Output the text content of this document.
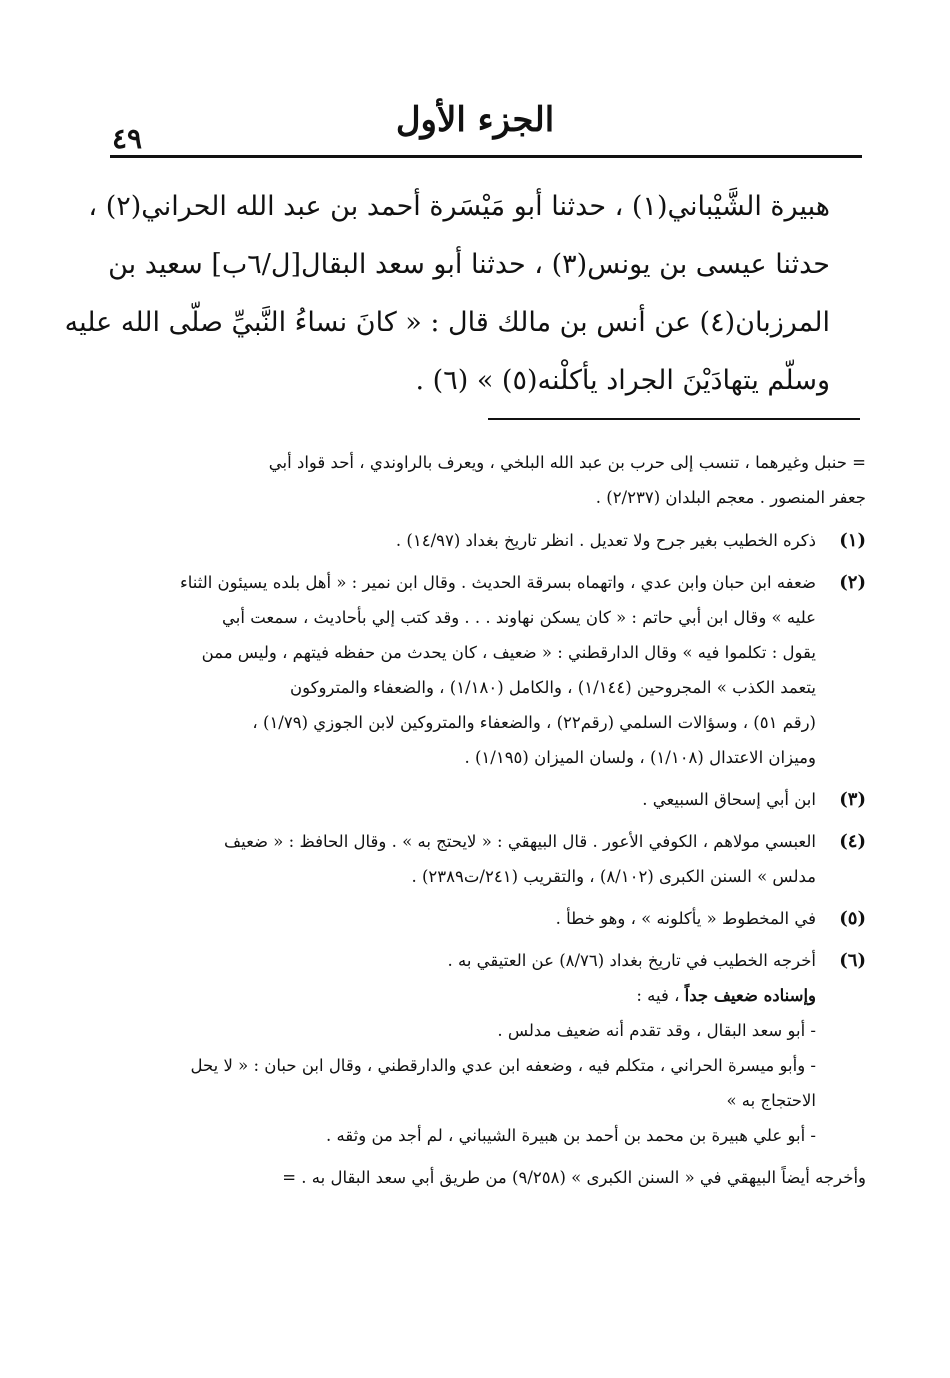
الجزء الأول
٤٩
هبيرة الشَّيْباني(١) ، حدثنا أبو مَيْسَرة أحمد بن عبد الله الحراني(٢) ،
حدثنا عيسى بن يونس(٣) ، حدثنا أبو سعد البقال[ل/٦ب] سعيد بن
المرزبان(٤) عن أنس بن مالك قال : « كانَ نساءُ النَّبيِّ صلّى الله عليه
وسلّم يتهادَيْنَ الجراد يأكلْنه(٥) » (٦) .
= حنبل وغيرهما ، تنسب إلى حرب بن عبد الله البلخي ، ويعرف بالراوندي ، أحد قواد أبي
جعفر المنصور . معجم البلدان (٢/٢٣٧) .
(١)
ذكره الخطيب بغير جرح ولا تعديل . انظر تاريخ بغداد (١٤/٩٧) .
(٢)
ضعفه ابن حبان وابن عدي ، واتهماه بسرقة الحديث . وقال ابن نمير : « أهل بلده يسيئون الثناء
عليه » وقال ابن أبي حاتم : « كان يسكن نهاوند . . . وقد كتب إلي بأحاديث ، سمعت أبي
يقول : تكلموا فيه » وقال الدارقطني : « ضعيف ، كان يحدث من حفظه فيتهم ، وليس ممن
يتعمد الكذب » المجروحين (١/١٤٤) ، والكامل (١/١٨٠) ، والضعفاء والمتروكون
(رقم ٥١) ، وسؤالات السلمي (رقم٢٢) ، والضعفاء والمتروكين لابن الجوزي (١/٧٩) ،
وميزان الاعتدال (١/١٠٨) ، ولسان الميزان (١/١٩٥) .
(٣)
ابن أبي إسحاق السبيعي .
(٤)
العبسي مولاهم ، الكوفي الأعور . قال البيهقي : « لايحتج به » . وقال الحافظ : « ضعيف
مدلس » السنن الكبرى (٨/١٠٢) ، والتقريب (٢٤١/ت٢٣٨٩) .
(٥)
في المخطوط « يأكلونه » ، وهو خطأ .
(٦)
أخرجه الخطيب في تاريخ بغداد (٨/٧٦) عن العتيقي به .
وإسناده ضعيف جداً ، فيه :
- أبو سعد البقال ، وقد تقدم أنه ضعيف مدلس .
- وأبو ميسرة الحراني ، متكلم فيه ، وضعفه ابن عدي والدارقطني ، وقال ابن حبان : « لا يحل
الاحتجاج به »
- أبو علي هبيرة بن محمد بن أحمد بن هبيرة الشيباني ، لم أجد من وثقه .
وأخرجه أيضاً البيهقي في « السنن الكبرى » (٩/٢٥٨) من طريق أبي سعد البقال به . =
